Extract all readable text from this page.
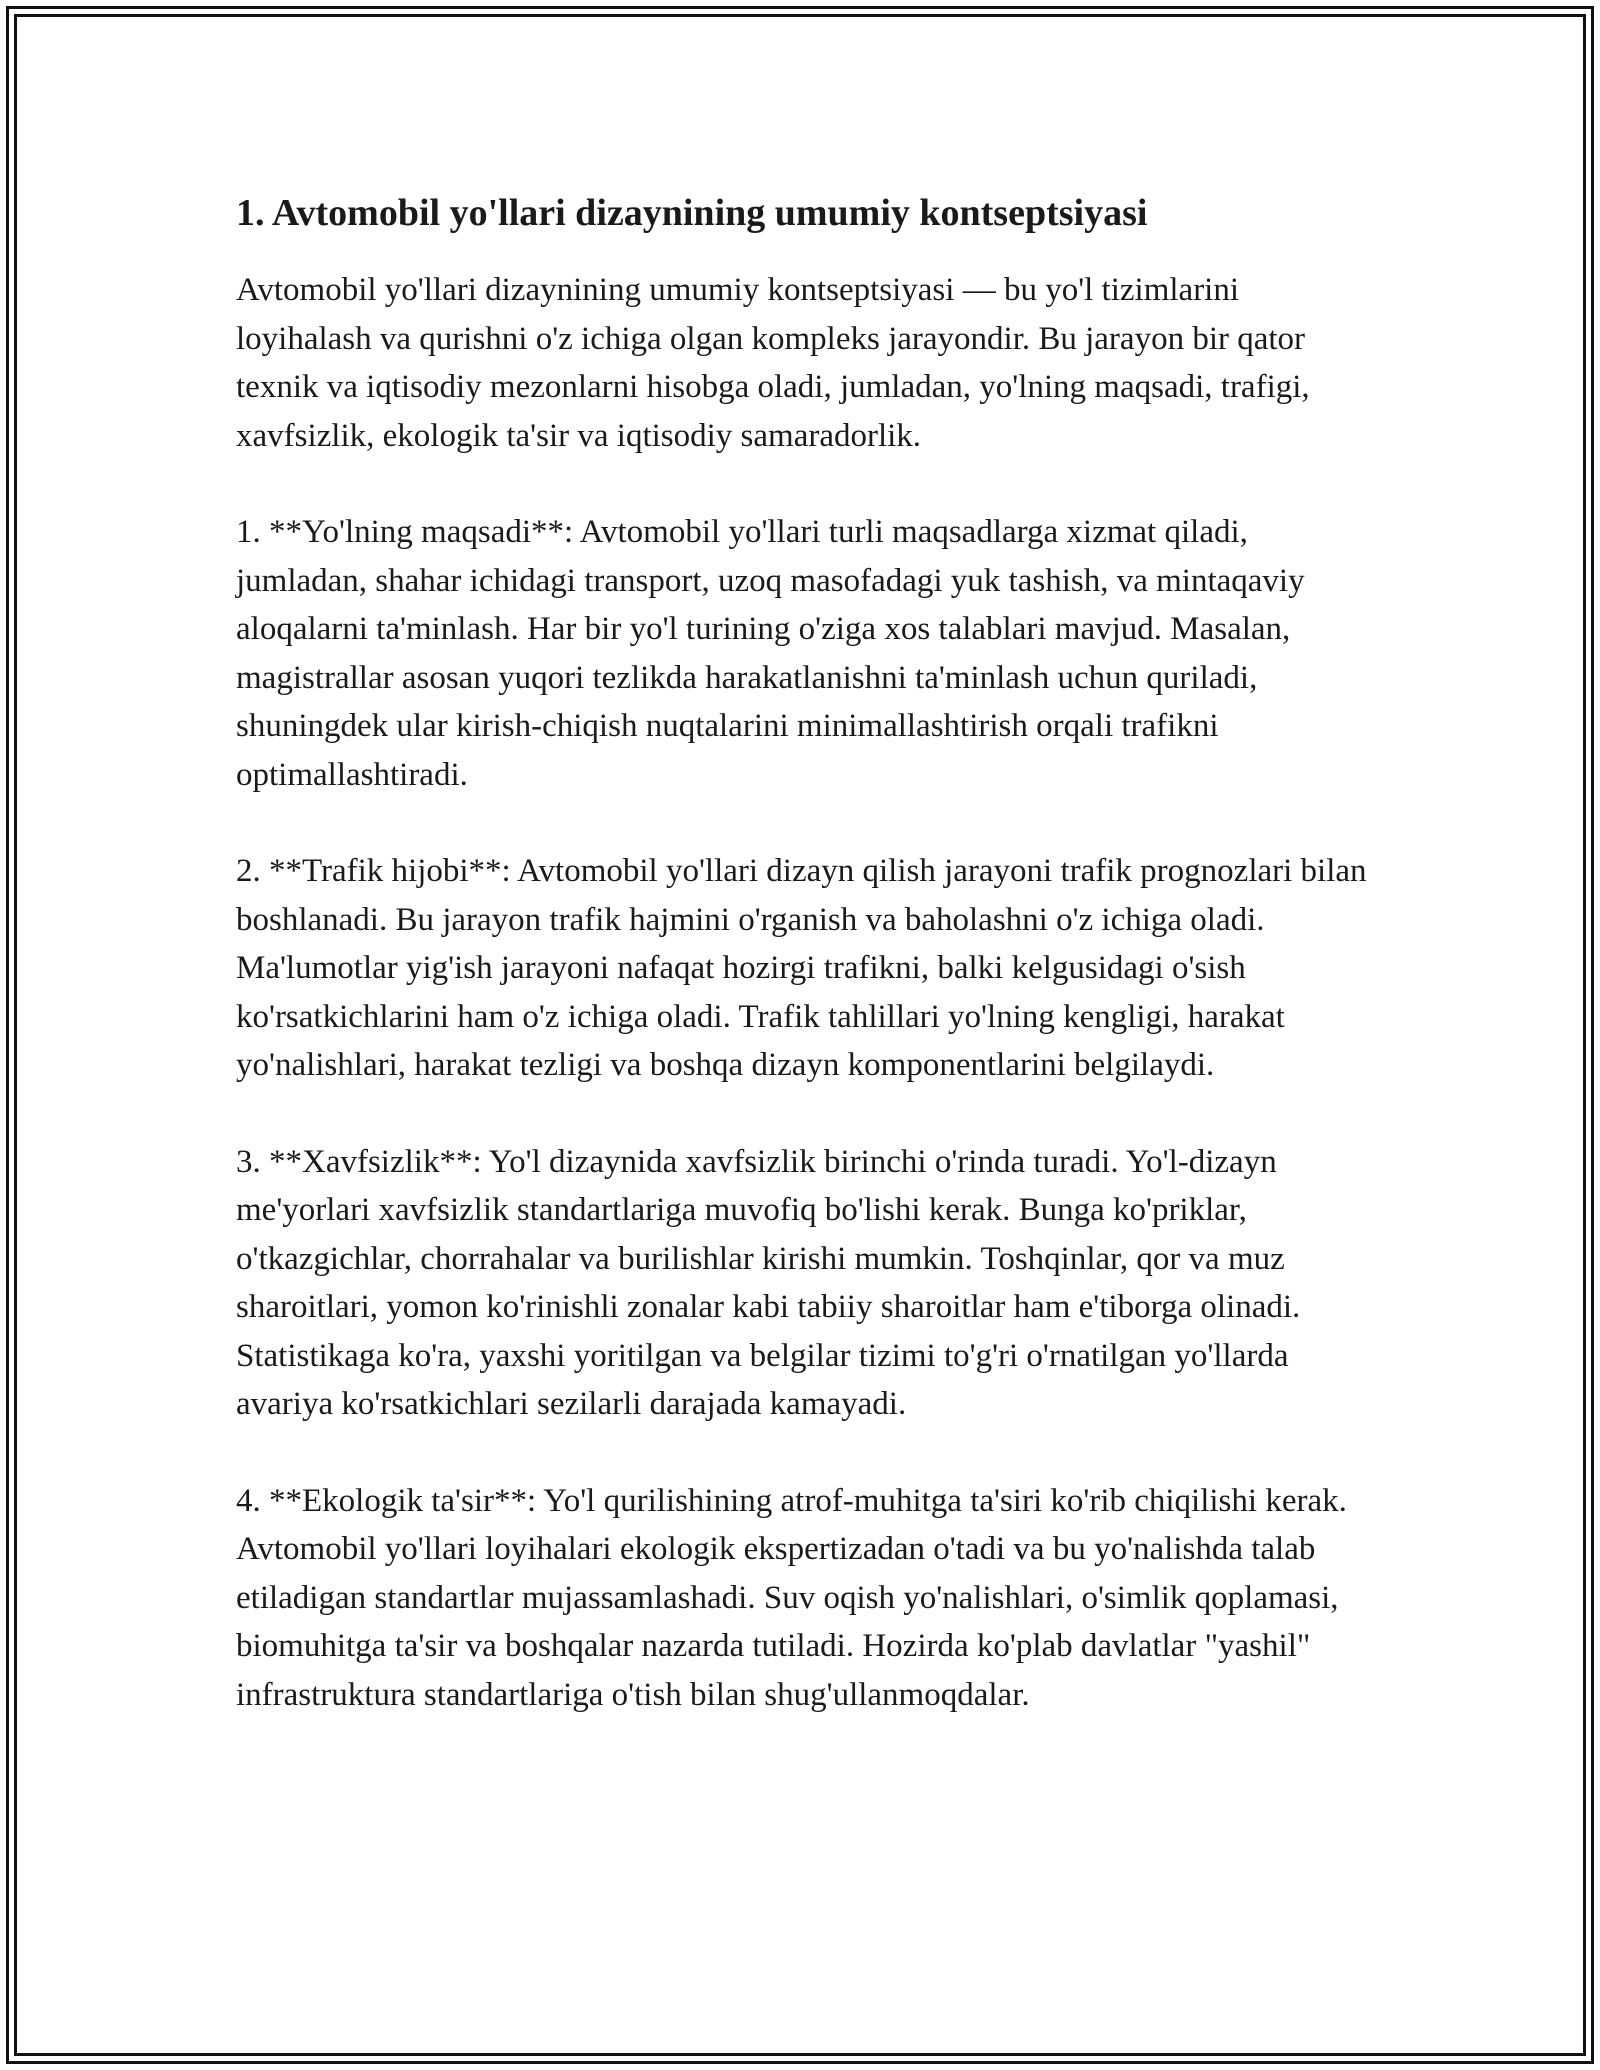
1. Avtomobil yo'llari dizaynining umumiy kontseptsiyasi

Avtomobil yo'llari dizaynining umumiy kontseptsiyasi — bu yo'l tizimlarini loyihalash va qurishni o'z ichiga olgan kompleks jarayondir. Bu jarayon bir qator texnik va iqtisodiy mezonlarni hisobga oladi, jumladan, yo'lning maqsadi, trafigi, xavfsizlik, ekologik ta'sir va iqtisodiy samaradorlik.

1. **Yo'lning maqsadi**: Avtomobil yo'llari turli maqsadlarga xizmat qiladi, jumladan, shahar ichidagi transport, uzoq masofadagi yuk tashish, va mintaqaviy aloqalarni ta'minlash. Har bir yo'l turining o'ziga xos talablari mavjud. Masalan, magistrallar asosan yuqori tezlikda harakatlanishni ta'minlash uchun quriladi, shuningdek ular kirish-chiqish nuqtalarini minimallashtirish orqali trafikni optimallashtiradi.

2. **Trafik hijobi**: Avtomobil yo'llari dizayn qilish jarayoni trafik prognozlari bilan boshlanadi. Bu jarayon trafik hajmini o'rganish va baholashni o'z ichiga oladi. Ma'lumotlar yig'ish jarayoni nafaqat hozirgi trafikni, balki kelgusidagi o'sish ko'rsatkichlarini ham o'z ichiga oladi. Trafik tahlillari yo'lning kengligi, harakat yo'nalishlari, harakat tezligi va boshqa dizayn komponentlarini belgilaydi.

3. **Xavfsizlik**: Yo'l dizaynida xavfsizlik birinchi o'rinda turadi. Yo'l-dizayn me'yorlari xavfsizlik standartlariga muvofiq bo'lishi kerak. Bunga ko'priklar, o'tkazgichlar, chorrahalar va burilishlar kirishi mumkin. Toshqinlar, qor va muz sharoitlari, yomon ko'rinishli zonalar kabi tabiiy sharoitlar ham e'tiborga olinadi. Statistikaga ko'ra, yaxshi yoritilgan va belgilar tizimi to'g'ri o'rnatilgan yo'llarda avariya ko'rsatkichlari sezilarli darajada kamayadi.

4. **Ekologik ta'sir**: Yo'l qurilishining atrof-muhitga ta'siri ko'rib chiqilishi kerak. Avtomobil yo'llari loyihalari ekologik ekspertizadan o'tadi va bu yo'nalishda talab etiladigan standartlar mujassamlashadi. Suv oqish yo'nalishlari, o'simlik qoplamasi, biomuhitga ta'sir va boshqalar nazarda tutiladi. Hozirda ko'plab davlatlar "yashil" infrastruktura standartlariga o'tish bilan shug'ullanmoqdalar.
